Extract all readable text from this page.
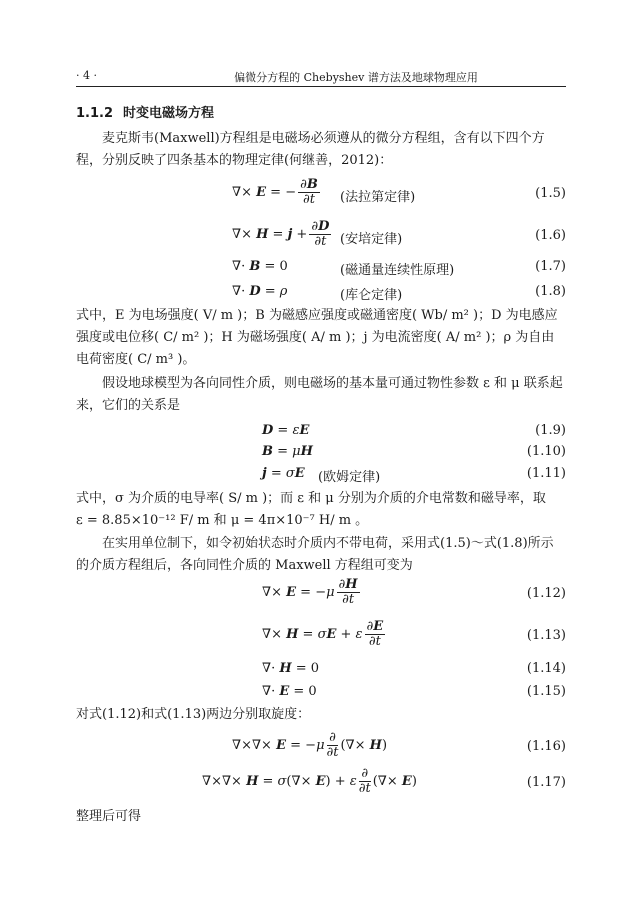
· 4 ·	偏微分方程的 Chebyshev 谱方法及地球物理应用
1.1.2 时变电磁场方程
麦克斯韦(Maxwell)方程组是电磁场必须遵从的微分方程组，含有以下四个方程，分别反映了四条基本的物理定律(何继善，2012)：
∇× E = − $\frac{\partial B}{\partial t}$ (法拉第定律)	(1.5)
∇× $H = j + \frac{\partial D}{\partial t}$ (安培定律)	(1.6)
∇· B = 0	(磁通量连续性原理)	(1.7)
∇· D = ρ	(库仑定律)	(1.8)
式中，E 为电场强度( V/ m )；B 为磁感应强度或磁通密度( Wb/ m² )；D 为电感应强度或电位移( C/ m² )；H 为磁场强度( A/ m )；j 为电流密度( A/ m² )；ρ 为自由电荷密度( C/ m³ )。
假设地球模型为各向同性介质，则电磁场的基本量可通过物性参数 ε 和 μ 联系起来，它们的关系是
D = εE	(1.9)
B = μH	(1.10)
j = σE (欧姆定律)	(1.11)
式中，σ 为介质的电导率( S/ m )；而 ε 和 μ 分别为介质的介电常数和磁导率，取
ε = 8.85×10⁻¹² F/ m 和 μ = 4π×10⁻⁷ H/ m 。
在实用单位制下，如令初始状态时介质内不带电荷，采用式(1.5)～式(1.8)所示的介质方程组后，各向同性介质的 Maxwell 方程组可变为
∇× $E = -\mu \frac{\partial H}{\partial t}$	(1.12)
∇× H = σE + ε $\frac{\partial E}{\partial t}$	(1.13)
∇· H = 0	(1.14)
∇· E = 0	(1.15)
对式(1.12)和式(1.13)两边分别取旋度：
∇×∇× $E = -\mu \frac{\partial}{\partial t}$ (∇× H)	(1.16)
∇×∇× H = σ(∇× E) + ε $\frac{\partial}{\partial t}$ (∇× E)	(1.17)
整理后可得
